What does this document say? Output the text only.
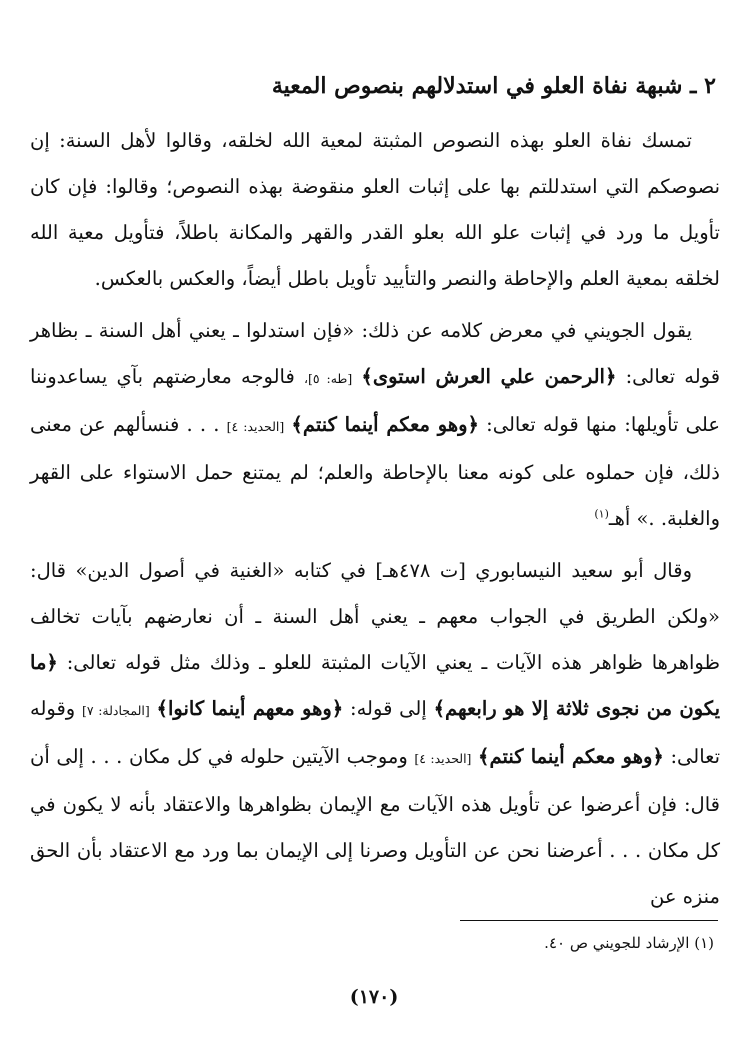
٢ ـ شبهة نفاة العلو في استدلالهم بنصوص المعية

تمسك نفاة العلو بهذه النصوص المثبتة لمعية الله لخلقه، وقالوا لأهل السنة: إن نصوصكم التي استدللتم بها على إثبات العلو منقوضة بهذه النصوص؛ وقالوا: فإن كان تأويل ما ورد في إثبات علو الله بعلو القدر والقهر والمكانة باطلاً، فتأويل معية الله لخلقه بمعية العلم والإحاطة والنصر والتأييد تأويل باطل أيضاً، والعكس بالعكس.

يقول الجويني في معرض كلامه عن ذلك: «فإن استدلوا ـ يعني أهل السنة ـ بظاهر قوله تعالى: ﴿الرحمن علي العرش استوى﴾ [طه: ٥]، فالوجه معارضتهم بآي يساعدوننا على تأويلها: منها قوله تعالى: ﴿وهو معكم أينما كنتم﴾ [الحديد: ٤] . . . فنسألهم عن معنى ذلك، فإن حملوه على كونه معنا بالإحاطة والعلم؛ لم يمتنع حمل الاستواء على القهر والغلبة. .» أهـ$^{(١)}$

وقال أبو سعيد النيسابوري [ت ٤٧٨هـ] في كتابه «الغنية في أصول الدين» قال: «ولكن الطريق في الجواب معهم ـ يعني أهل السنة ـ أن نعارضهم بآيات تخالف ظواهرها ظواهر هذه الآيات ـ يعني الآيات المثبتة للعلو ـ وذلك مثل قوله تعالى: ﴿ما يكون من نجوى ثلاثة إلا هو رابعهم﴾ إلى قوله: ﴿وهو معهم أينما كانوا﴾ [المجادلة: ٧] وقوله تعالى: ﴿وهو معكم أينما كنتم﴾ [الحديد: ٤] وموجب الآيتين حلوله في كل مكان . . . إلى أن قال: فإن أعرضوا عن تأويل هذه الآيات مع الإيمان بظواهرها والاعتقاد بأنه لا يكون في كل مكان . . . أعرضنا نحن عن التأويل وصرنا إلى الإيمان بما ورد مع الاعتقاد بأن الحق منزه عن

(١) الإرشاد للجويني ص ٤٠.
(١٧٠)
